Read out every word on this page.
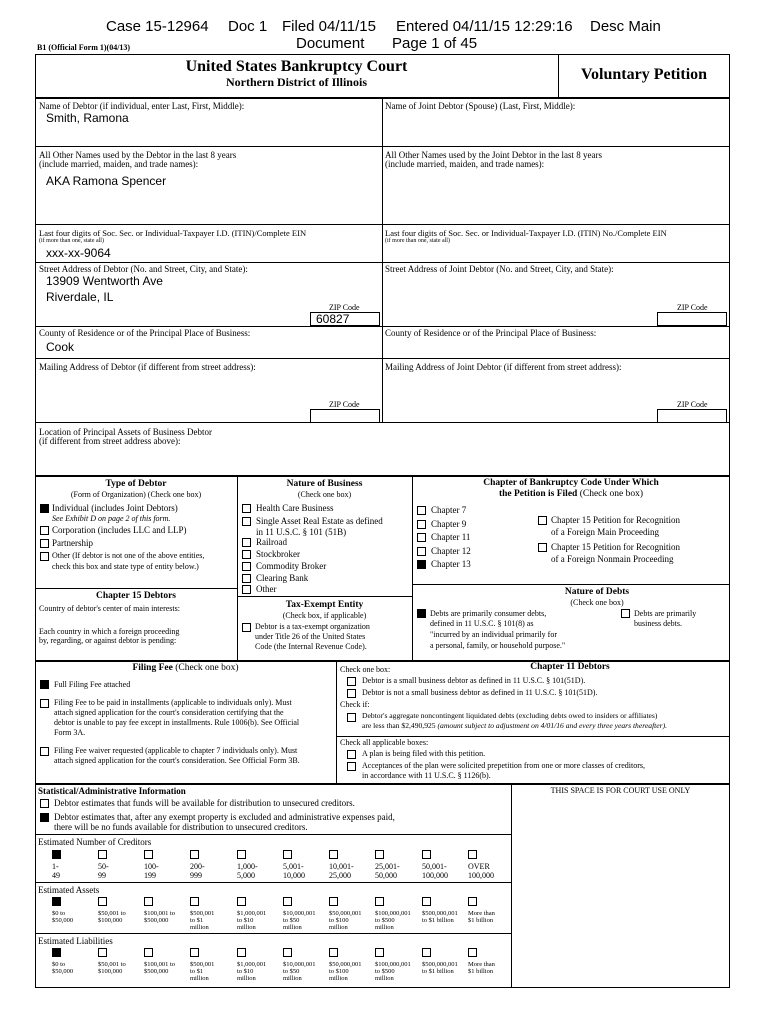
Case 15-12964 Doc 1 Filed 04/11/15 Entered 04/11/15 12:29:16 Desc Main
Document Page 1 of 45
B1 (Official Form 1)(04/13)
United States Bankruptcy Court
Northern District of Illinois	Voluntary Petition
Name of Debtor (if individual, enter Last, First, Middle):
Smith, Ramona
All Other Names used by the Debtor in the last 8 years
(include married, maiden, and trade names):
AKA Ramona Spencer
Last four digits of Soc. Sec. or Individual-Taxpayer I.D. (ITIN)/Complete EIN
(if more than one, state all)
xxx-xx-9064
Street Address of Debtor (No. and Street, City, and State):
13909 Wentworth Ave
Riverdale, IL
ZIP Code
60827
County of Residence or of the Principal Place of Business:
Cook
Mailing Address of Debtor (if different from street address):
ZIP Code
Name of Joint Debtor (Spouse) (Last, First, Middle):
All Other Names used by the Joint Debtor in the last 8 years
(include married, maiden, and trade names):
Last four digits of Soc. Sec. or Individual-Taxpayer I.D. (ITIN) No./Complete EIN
(if more than one, state all)
Street Address of Joint Debtor (No. and Street, City, and State):
ZIP Code
County of Residence or of the Principal Place of Business:
Mailing Address of Joint Debtor (if different from street address):
ZIP Code
Location of Principal Assets of Business Debtor
(if different from street address above):
Type of Debtor
(Form of Organization) (Check one box)
Individual (includes Joint Debtors)
Corporation (includes LLC and LLP)
Partnership
Other (If debtor is not one of the above entities,
See Exhibit D on page 2 of this form.
check this box and state type of entity below.)
Chapter 15 Debtors
Country of debtor's center of main interests:
Each country in which a foreign proceeding
by, regarding, or against debtor is pending:
Nature of Business
(Check one box)
Health Care Business
Single Asset Real Estate as defined
Railroad
Stockbroker
Commodity Broker
Clearing Bank
Other
in 11 U.S.C. § 101 (51B)
Tax-Exempt Entity
(Check box, if applicable)
Debtor is a tax-exempt organization
under Title 26 of the United States
Code (the Internal Revenue Code).
Chapter of Bankruptcy Code Under Which
the Petition is Filed (Check one box)
Chapter 7
Chapter 9
Chapter 11
Chapter 12
Chapter 13
Chapter 15 Petition for Recognition
of a Foreign Main Proceeding
Chapter 15 Petition for Recognition
of a Foreign Nonmain Proceeding
Nature of Debts
(Check one box)
Debts are primarily consumer debts,
defined in 11 U.S.C. § 101(8) as
"incurred by an individual primarily for
a personal, family, or household purpose."
Debts are primarily
business debts.
Filing Fee (Check one box)
Full Filing Fee attached
Filing Fee to be paid in installments (applicable to individuals only). Must
attach signed application for the court's consideration certifying that the
debtor is unable to pay fee except in installments. Rule 1006(b). See Official
Form 3A.
Filing Fee waiver requested (applicable to chapter 7 individuals only). Must
attach signed application for the court's consideration. See Official Form 3B.
Check one box:	Chapter 11 Debtors
Debtor is a small business debtor as defined in 11 U.S.C. § 101(51D).
Debtor is not a small business debtor as defined in 11 U.S.C. § 101(51D).
Check if:
Debtor's aggregate noncontingent liquidated debts (excluding debts owed to insiders or affiliates)
are less than $2,490,925 (amount subject to adjustment on 4/01/16 and every three years thereafter).
Check all applicable boxes:
A plan is being filed with this petition.
Acceptances of the plan were solicited prepetition from one or more classes of creditors,
in accordance with 11 U.S.C. § 1126(b).
Statistical/Administrative Information	THIS SPACE IS FOR COURT USE ONLY
Debtor estimates that funds will be available for distribution to unsecured creditors.
Debtor estimates that, after any exempt property is excluded and administrative expenses paid,
there will be no funds available for distribution to unsecured creditors.
Estimated Number of Creditors
1-
49
50-
99
100-
199
200-
999
1,000-
5,000
5,001-
10,000
10,001-
25,000
25,001-
50,000
50,001-
100,000
OVER
100,000
Estimated Assets
$0 to
$50,000
$50,001 to
$100,000
$100,001 to
$500,000
$500,001
to $1
million
$1,000,001
to $10
million
$10,000,001
to $50
million
$50,000,001
to $100
million
$100,000,001
to $500
million
$500,000,001
to $1 billion
More than
$1 billion
Estimated Liabilities
$0 to
$50,000
$50,001 to
$100,000
$100,001 to
$500,000
$500,001
to $1
million
$1,000,001
to $10
million
$10,000,001
to $50
million
$50,000,001
to $100
million
$100,000,001
to $500
million
$500,000,001
to $1 billion
More than
$1 billion
